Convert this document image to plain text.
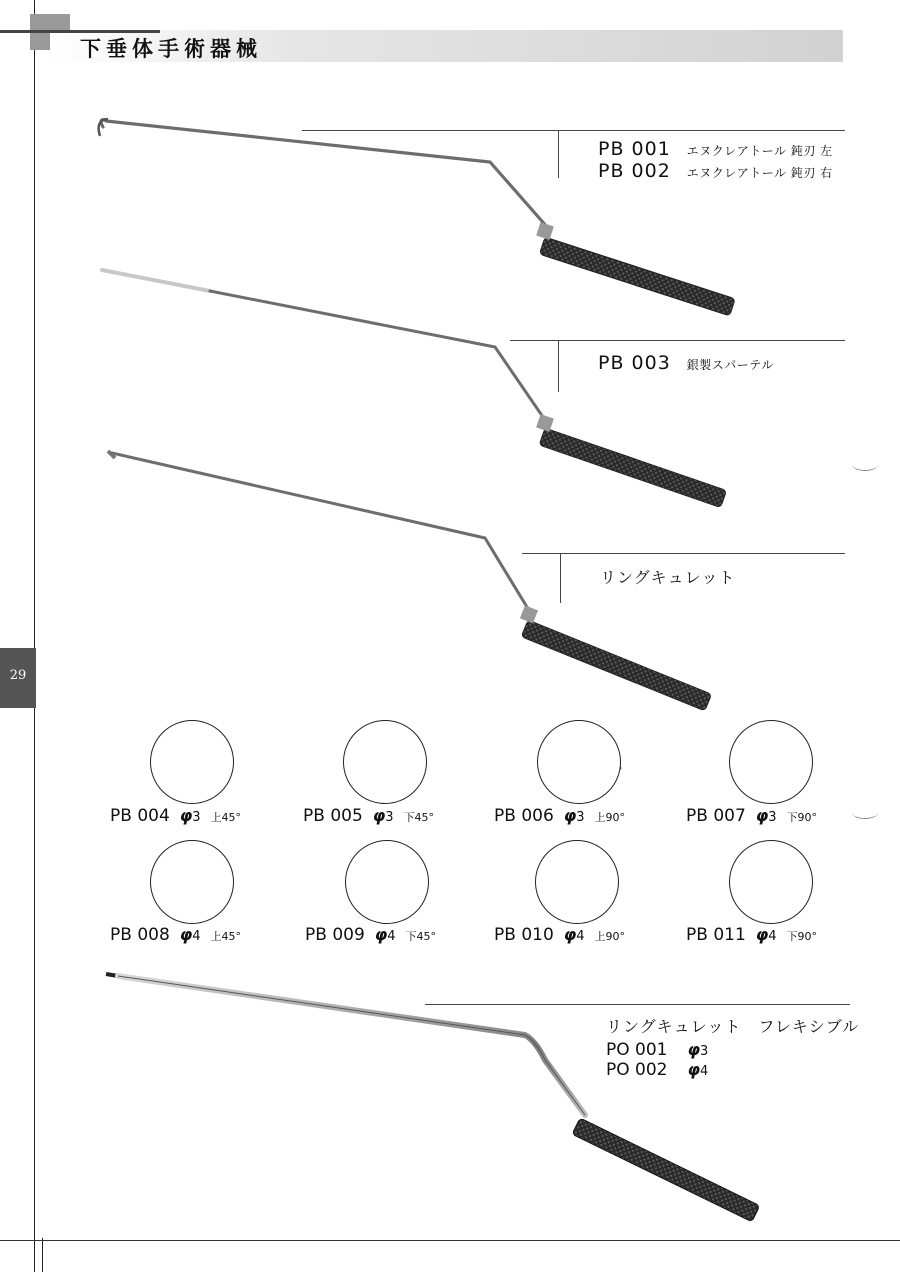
下垂体手術器械
29
PB 001 エヌクレアトール 鈍刃 左
PB 002 エヌクレアトール 鈍刃 右
PB 003 銀製スパーテル
リングキュレット
PB 004 φ3 上45°	PB 005 φ3 下45°	PB 006 φ3 上90°	PB 007 φ3 下90°
PB 008 φ4 上45°	PB 009 φ4 下45°	PB 010 φ4 上90°	PB 011 φ4 下90°
リングキュレット　フレキシブル
PO 001 φ3
PO 002 φ4
